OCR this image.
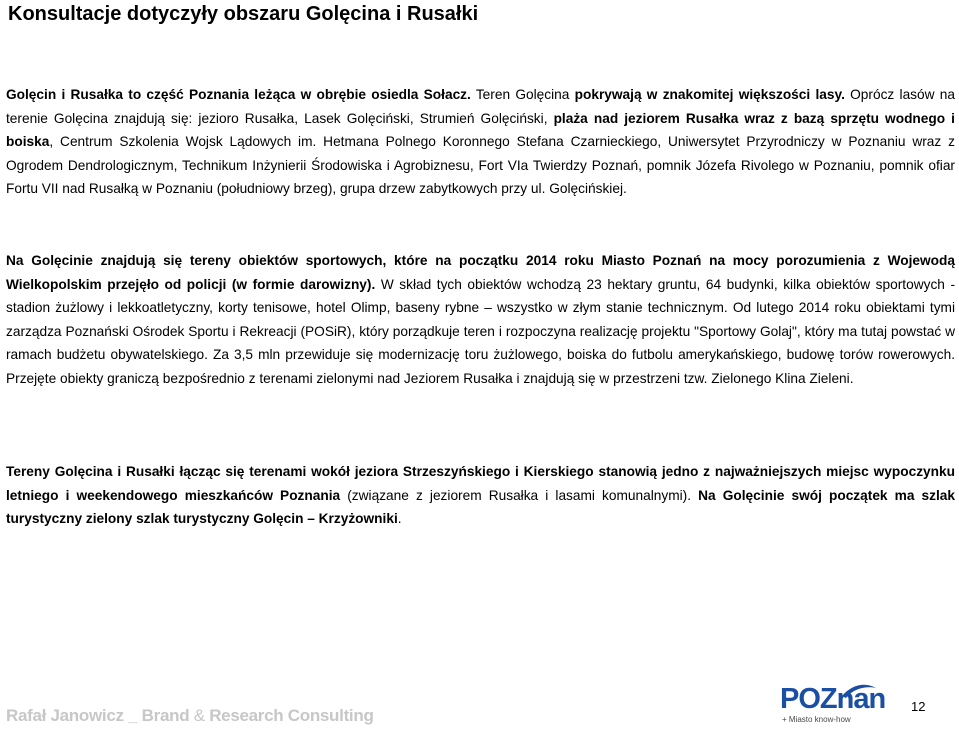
Konsultacje dotyczyły obszaru Golęcina i Rusałki

Golęcin i Rusałka to część Poznania leżąca w obrębie osiedla Sołacz. Teren Golęcina pokrywają w znakomitej większości lasy. Oprócz lasów na terenie Golęcina znajdują się: jezioro Rusałka, Lasek Golęciński, Strumień Golęciński, plaża nad jeziorem Rusałka wraz z bazą sprzętu wodnego i boiska, Centrum Szkolenia Wojsk Lądowych im. Hetmana Polnego Koronnego Stefana Czarnieckiego, Uniwersytet Przyrodniczy w Poznaniu wraz z Ogrodem Dendrologicznym, Technikum Inżynierii Środowiska i Agrobiznesu, Fort VIa Twierdzy Poznań, pomnik Józefa Rivolego w Poznaniu, pomnik ofiar Fortu VII nad Rusałką w Poznaniu (południowy brzeg), grupa drzew zabytkowych przy ul. Golęcińskiej.

Na Golęcinie znajdują się tereny obiektów sportowych, które na początku 2014 roku Miasto Poznań na mocy porozumienia z Wojewodą Wielkopolskim przejęło od policji (w formie darowizny). W skład tych obiektów wchodzą 23 hektary gruntu, 64 budynki, kilka obiektów sportowych - stadion żużlowy i lekkoatletyczny, korty tenisowe, hotel Olimp, baseny rybne – wszystko w złym stanie technicznym. Od lutego 2014 roku obiektami tymi zarządza Poznański Ośrodek Sportu i Rekreacji (POSiR), który porządkuje teren i rozpoczyna realizację projektu "Sportowy Golaj", który ma tutaj powstać w ramach budżetu obywatelskiego. Za 3,5 mln przewiduje się modernizację toru żużlowego, boiska do futbolu amerykańskiego, budowę torów rowerowych. Przejęte obiekty graniczą bezpośrednio z terenami zielonymi nad Jeziorem Rusałka i znajdują się w przestrzeni tzw. Zielonego Klina Zieleni.

Tereny Golęcina i Rusałki łącząc się terenami wokół jeziora Strzeszyńskiego i Kierskiego stanowią jedno z najważniejszych miejsc wypoczynku letniego i weekendowego mieszkańców Poznania (związane z jeziorem Rusałka i lasami komunalnymi). Na Golęcinie swój początek ma szlak turystyczny zielony szlak turystyczny Golęcin – Krzyżowniki.

Rafał Janowicz _ Brand & Research Consulting
POZnan
+ Miasto know-how
12
